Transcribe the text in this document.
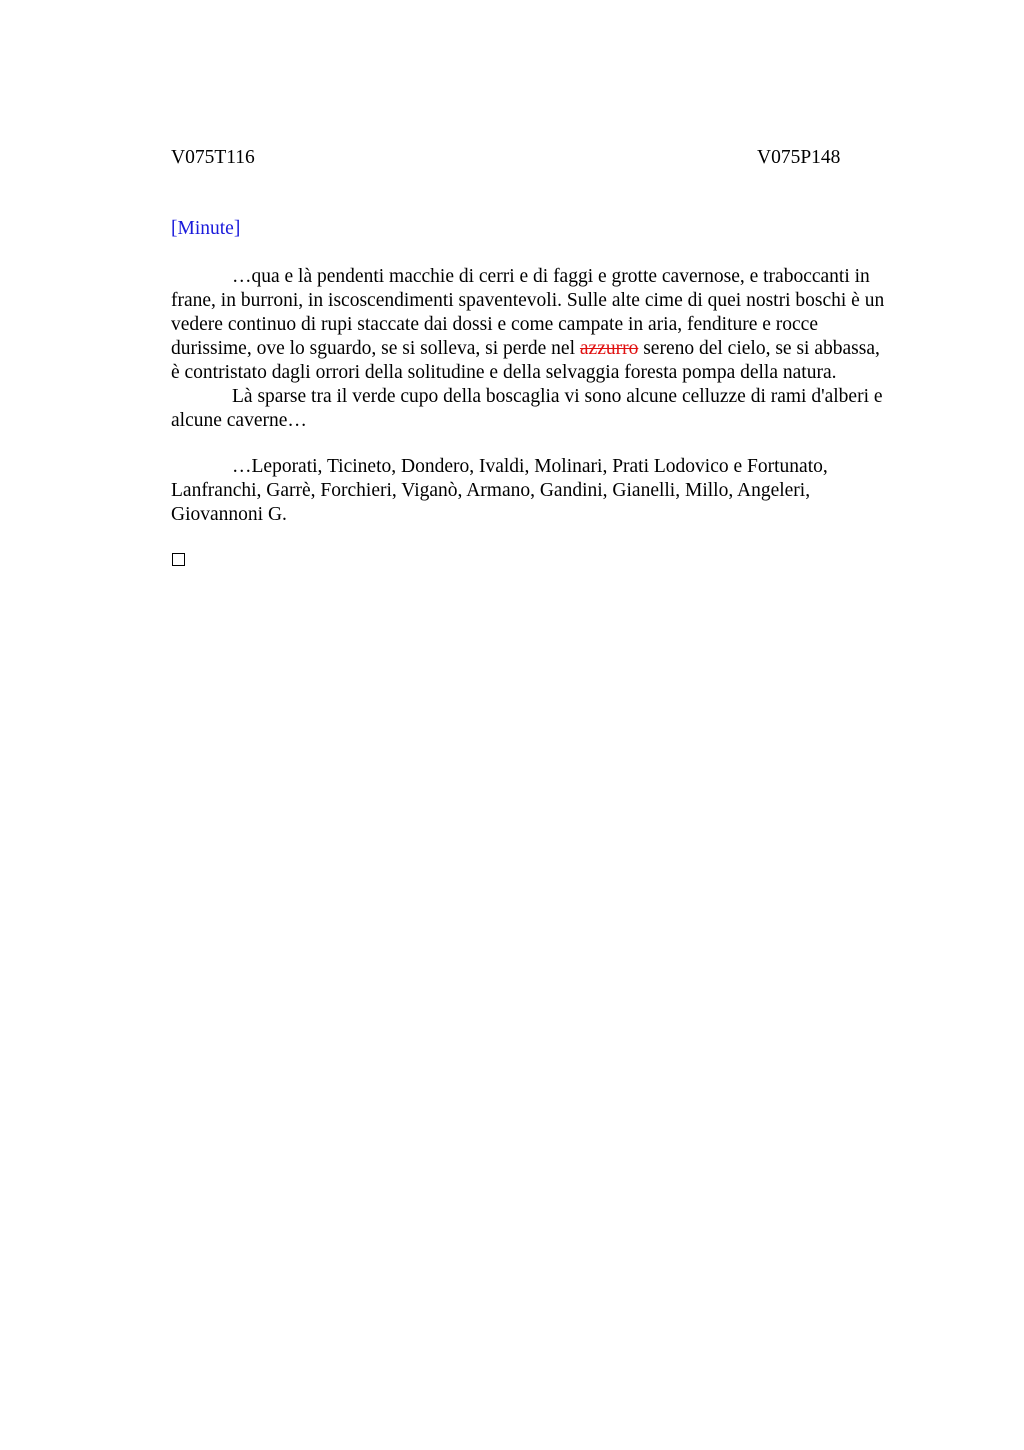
V075T116	V075P148
[Minute]

…qua e là pendenti macchie di cerri e di faggi e grotte cavernose, e traboccanti in
frane, in burroni, in iscoscendimenti spaventevoli. Sulle alte cime di quei nostri boschi è un
vedere continuo di rupi staccate dai dossi e come campate in aria, fenditure e rocce
durissime, ove lo sguardo, se si solleva, si perde nel azzurro sereno del cielo, se si abbassa,
è contristato dagli orrori della solitudine e della selvaggia foresta pompa della natura.

Là sparse tra il verde cupo della boscaglia vi sono alcune celluzze di rami d'alberi e
alcune caverne…

…Leporati, Ticineto, Dondero, Ivaldi, Molinari, Prati Lodovico e Fortunato,
Lanfranchi, Garrè, Forchieri, Viganò, Armano, Gandini, Gianelli, Millo, Angeleri,
Giovannoni G.
